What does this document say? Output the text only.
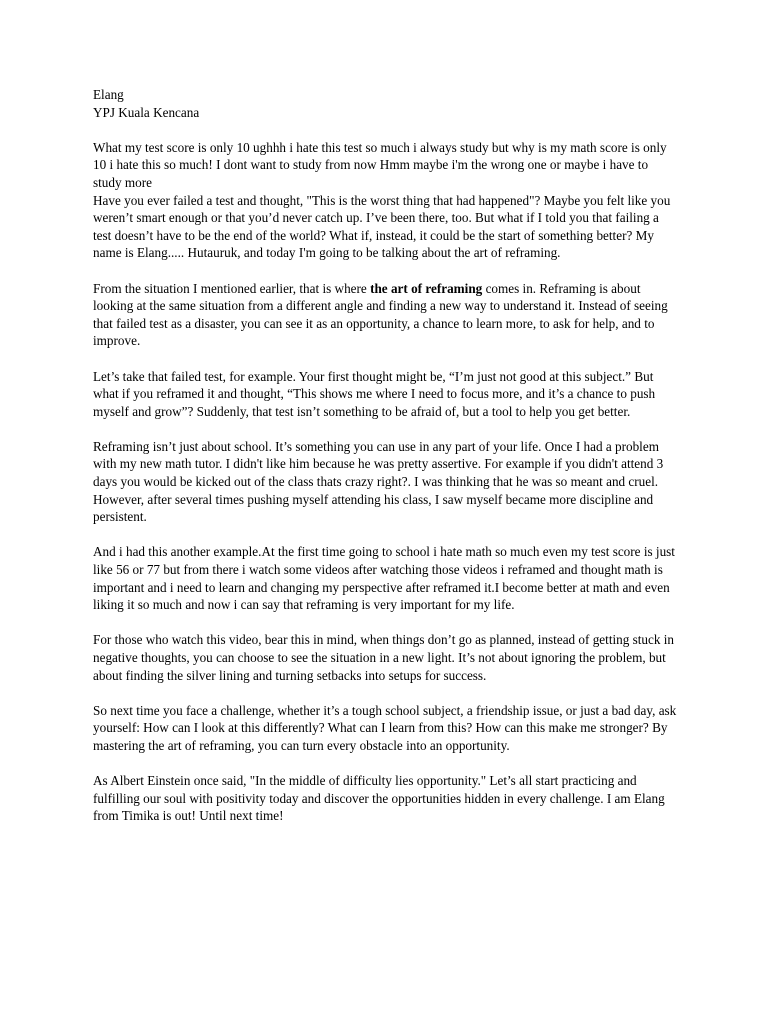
Elang
YPJ Kuala Kencana

What my test score is only 10 ughhh i hate this test so much i always study but why is my math score is only 10 i hate this so much! I dont want to study from now Hmm maybe i'm the wrong one or maybe i have to study more

Have you ever failed a test and thought, "This is the worst thing that had happened"? Maybe you felt like you weren’t smart enough or that you’d never catch up. I’ve been there, too. But what if I told you that failing a test doesn’t have to be the end of the world? What if, instead, it could be the start of something better? My name is Elang..... Hutauruk, and today I'm going to be talking about the art of reframing.

From the situation I mentioned earlier, that is where the art of reframing comes in. Reframing is about looking at the same situation from a different angle and finding a new way to understand it. Instead of seeing that failed test as a disaster, you can see it as an opportunity, a chance to learn more, to ask for help, and to improve.

Let’s take that failed test, for example. Your first thought might be, “I’m just not good at this subject.” But what if you reframed it and thought, “This shows me where I need to focus more, and it’s a chance to push myself and grow”? Suddenly, that test isn’t something to be afraid of, but a tool to help you get better.

Reframing isn’t just about school. It’s something you can use in any part of your life. Once I had a problem with my new math tutor. I didn't like him because he was pretty assertive. For example if you didn't attend 3 days you would be kicked out of the class thats crazy right?. I was thinking that he was so meant and cruel. However, after several times pushing myself attending his class, I saw myself became more discipline and persistent.

And i had this another example.At the first time going to school i hate math so much even my test score is just like 56 or 77 but from there i watch some videos after watching those videos i reframed and thought math is important and i need to learn and changing my perspective after reframed it.I become better at math and even liking it so much and now i can say that reframing is very important for my life.

For those who watch this video, bear this in mind, when things don’t go as planned, instead of getting stuck in negative thoughts, you can choose to see the situation in a new light. It’s not about ignoring the problem, but about finding the silver lining and turning setbacks into setups for success.

So next time you face a challenge, whether it’s a tough school subject, a friendship issue, or just a bad day, ask yourself: How can I look at this differently? What can I learn from this? How can this make me stronger? By mastering the art of reframing, you can turn every obstacle into an opportunity.

As Albert Einstein once said, "In the middle of difficulty lies opportunity." Let’s all start practicing and fulfilling our soul with positivity today and discover the opportunities hidden in every challenge. I am Elang from Timika is out! Until next time!
